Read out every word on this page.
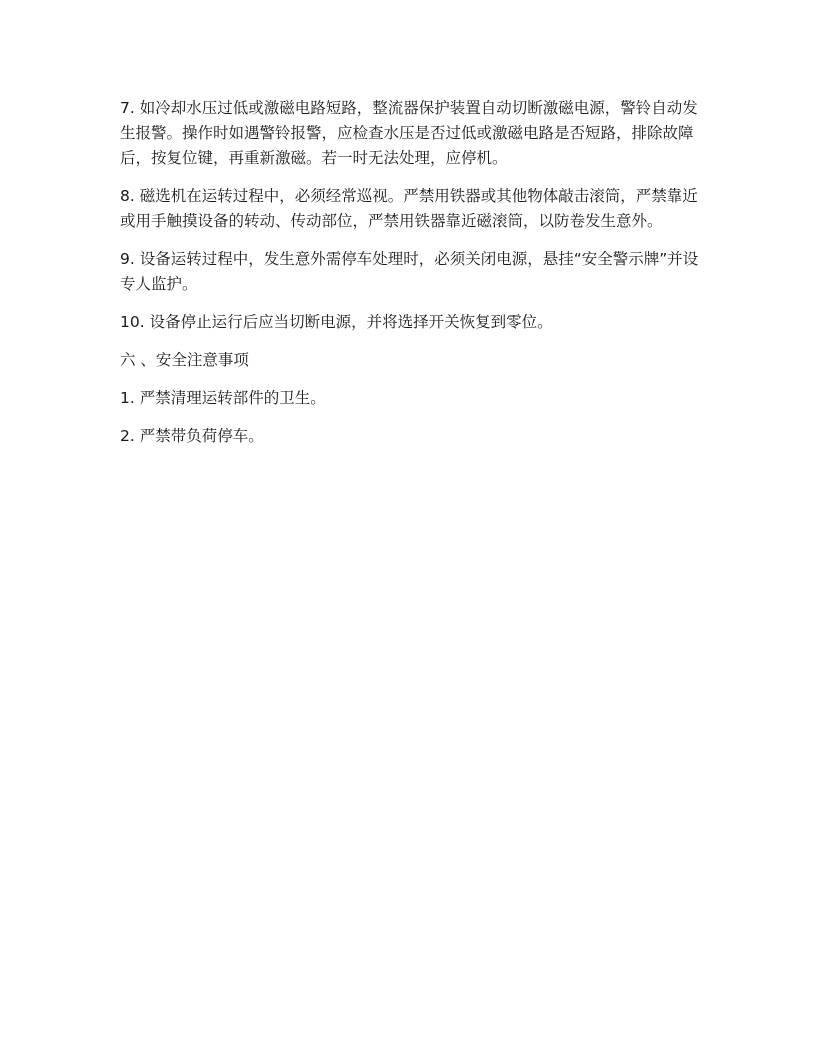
7. 如冷却水压过低或激磁电路短路，整流器保护装置自动切断激磁电源，警铃自动发生报警。操作时如遇警铃报警，应检查水压是否过低或激磁电路是否短路，排除故障后，按复位键，再重新激磁。若一时无法处理，应停机。

8. 磁选机在运转过程中，必须经常巡视。严禁用铁器或其他物体敲击滚筒，严禁靠近或用手触摸设备的转动、传动部位，严禁用铁器靠近磁滚筒，以防卷发生意外。

9. 设备运转过程中，发生意外需停车处理时，必须关闭电源，悬挂“安全警示牌”并设专人监护。

10. 设备停止运行后应当切断电源，并将选择开关恢复到零位。

六 、安全注意事项

1. 严禁清理运转部件的卫生。

2. 严禁带负荷停车。
